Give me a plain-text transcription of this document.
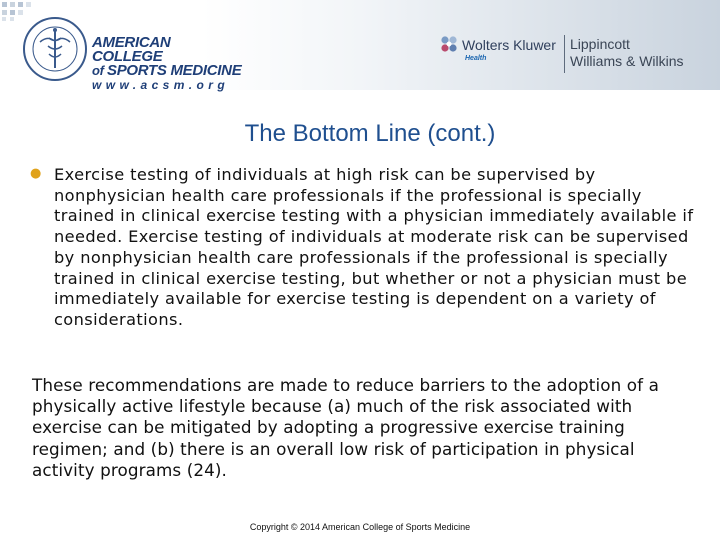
AMERICAN COLLEGE
of SPORTS MEDICINE
www.acsm.org
Wolters Kluwer
Health
Lippincott
Williams & Wilkins
The Bottom Line (cont.)
● Exercise testing of individuals at high risk can be supervised by nonphysician health care professionals if the professional is specially trained in clinical exercise testing with a physician immediately available if needed. Exercise testing of individuals at moderate risk can be supervised by nonphysician health care professionals if the professional is specially trained in clinical exercise testing, but whether or not a physician must be immediately available for exercise testing is dependent on a variety of considerations.
These recommendations are made to reduce barriers to the adoption of a physically active lifestyle because (a) much of the risk associated with exercise can be mitigated by adopting a progressive exercise training regimen; and (b) there is an overall low risk of participation in physical activity programs (24).
Copyright © 2014 American College of Sports Medicine
